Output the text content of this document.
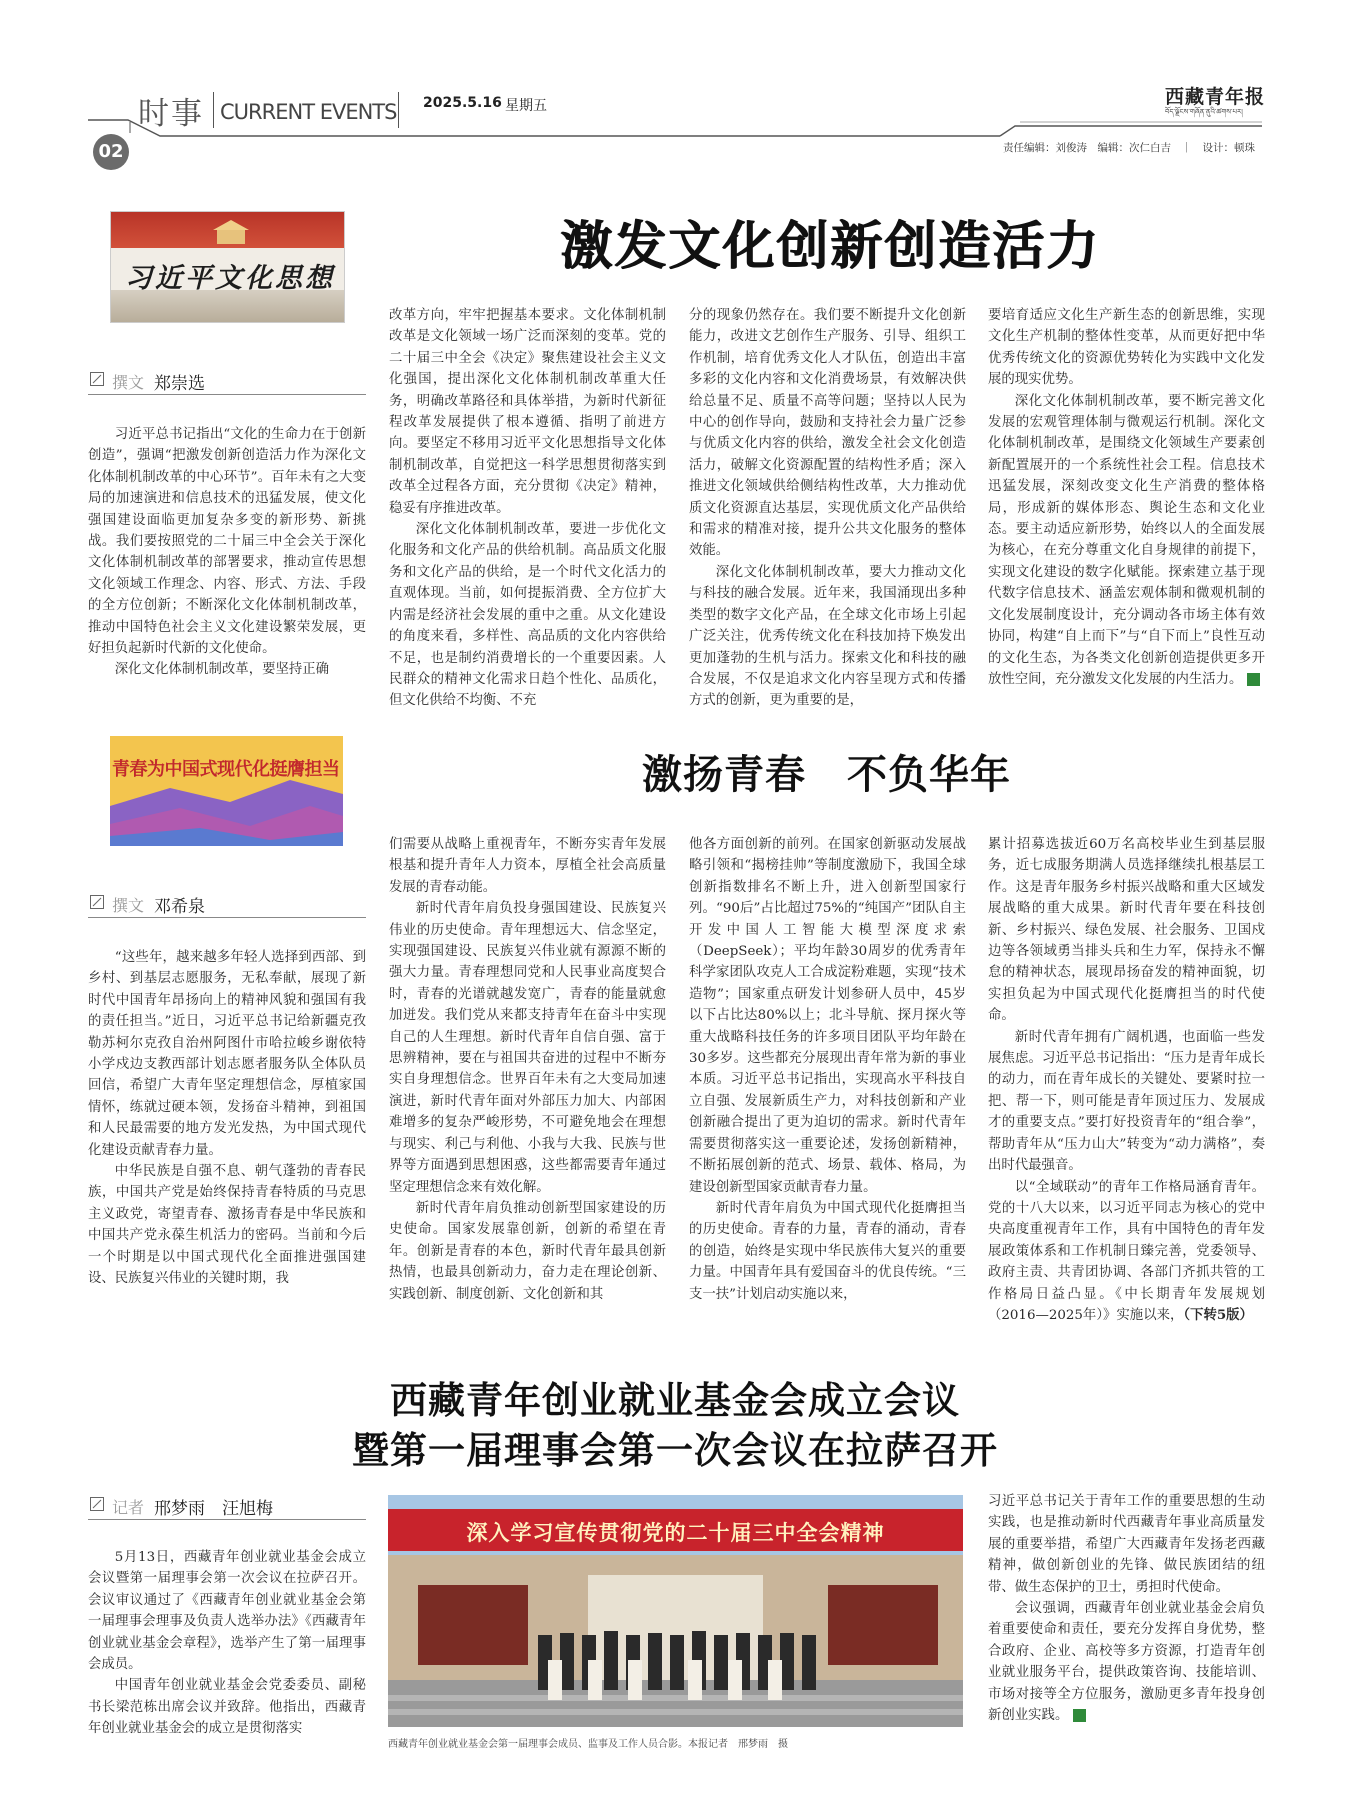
时事 CURRENT EVENTS 2025.5.16 星期五
02
西藏青年报
བོད་ལྗོངས་གཞོན་ནུའི་ཚགས་པར།
责任编辑：刘俊涛　编辑：次仁白吉　｜　设计：顿珠
习近平文化思想
激发文化创新创造活力
撰文 郑崇选

习近平总书记指出“文化的生命力在于创新创造”，强调“把激发创新创造活力作为深化文化体制机制改革的中心环节”。百年未有之大变局的加速演进和信息技术的迅猛发展，使文化强国建设面临更加复杂多变的新形势、新挑战。我们要按照党的二十届三中全会关于深化文化体制机制改革的部署要求，推动宣传思想文化领域工作理念、内容、形式、方法、手段的全方位创新；不断深化文化体制机制改革，推动中国特色社会主义文化建设繁荣发展，更好担负起新时代新的文化使命。

深化文化体制机制改革，要坚持正确

改革方向，牢牢把握基本要求。文化体制机制改革是文化领域一场广泛而深刻的变革。党的二十届三中全会《决定》聚焦建设社会主义文化强国，提出深化文化体制机制改革重大任务，明确改革路径和具体举措，为新时代新征程改革发展提供了根本遵循、指明了前进方向。要坚定不移用习近平文化思想指导文化体制机制改革，自觉把这一科学思想贯彻落实到改革全过程各方面，充分贯彻《决定》精神，稳妥有序推进改革。

深化文化体制机制改革，要进一步优化文化服务和文化产品的供给机制。高品质文化服务和文化产品的供给，是一个时代文化活力的直观体现。当前，如何提振消费、全方位扩大内需是经济社会发展的重中之重。从文化建设的角度来看，多样性、高品质的文化内容供给不足，也是制约消费增长的一个重要因素。人民群众的精神文化需求日趋个性化、品质化，但文化供给不均衡、不充

分的现象仍然存在。我们要不断提升文化创新能力，改进文艺创作生产服务、引导、组织工作机制，培育优秀文化人才队伍，创造出丰富多彩的文化内容和文化消费场景，有效解决供给总量不足、质量不高等问题；坚持以人民为中心的创作导向，鼓励和支持社会力量广泛参与优质文化内容的供给，激发全社会文化创造活力，破解文化资源配置的结构性矛盾；深入推进文化领域供给侧结构性改革，大力推动优质文化资源直达基层，实现优质文化产品供给和需求的精准对接，提升公共文化服务的整体效能。

深化文化体制机制改革，要大力推动文化与科技的融合发展。近年来，我国涌现出多种类型的数字文化产品，在全球文化市场上引起广泛关注，优秀传统文化在科技加持下焕发出更加蓬勃的生机与活力。探索文化和科技的融合发展，不仅是追求文化内容呈现方式和传播方式的创新，更为重要的是，

要培育适应文化生产新生态的创新思维，实现文化生产机制的整体性变革，从而更好把中华优秀传统文化的资源优势转化为实践中文化发展的现实优势。

深化文化体制机制改革，要不断完善文化发展的宏观管理体制与微观运行机制。深化文化体制机制改革，是围绕文化领域生产要素创新配置展开的一个系统性社会工程。信息技术迅猛发展，深刻改变文化生产消费的整体格局，形成新的媒体形态、舆论生态和文化业态。要主动适应新形势，始终以人的全面发展为核心，在充分尊重文化自身规律的前提下，实现文化建设的数字化赋能。探索建立基于现代数字信息技术、涵盖宏观体制和微观机制的文化发展制度设计，充分调动各市场主体有效协同，构建“自上而下”与“自下而上”良性互动的文化生态，为各类文化创新创造提供更多开放性空间，充分激发文化发展的内生活力。	↑

青春为中国式现代化挺膺担当	激扬青春　不负华年
撰文 邓希泉

“这些年，越来越多年轻人选择到西部、到乡村、到基层志愿服务，无私奉献，展现了新时代中国青年昂扬向上的精神风貌和强国有我的责任担当。”近日，习近平总书记给新疆克孜勒苏柯尔克孜自治州阿图什市哈拉峻乡谢依特小学戍边支教西部计划志愿者服务队全体队员回信，希望广大青年坚定理想信念，厚植家国情怀，练就过硬本领，发扬奋斗精神，到祖国和人民最需要的地方发光发热，为中国式现代化建设贡献青春力量。

中华民族是自强不息、朝气蓬勃的青春民族，中国共产党是始终保持青春特质的马克思主义政党，寄望青春、激扬青春是中华民族和中国共产党永葆生机活力的密码。当前和今后一个时期是以中国式现代化全面推进强国建设、民族复兴伟业的关键时期，我

们需要从战略上重视青年，不断夯实青年发展根基和提升青年人力资本，厚植全社会高质量发展的青春动能。

新时代青年肩负投身强国建设、民族复兴伟业的历史使命。青年理想远大、信念坚定，实现强国建设、民族复兴伟业就有源源不断的强大力量。青春理想同党和人民事业高度契合时，青春的光谱就越发宽广，青春的能量就愈加迸发。我们党从来都支持青年在奋斗中实现自己的人生理想。新时代青年自信自强、富于思辨精神，要在与祖国共奋进的过程中不断夯实自身理想信念。世界百年未有之大变局加速演进，新时代青年面对外部压力加大、内部困难增多的复杂严峻形势，不可避免地会在理想与现实、利己与利他、小我与大我、民族与世界等方面遇到思想困惑，这些都需要青年通过坚定理想信念来有效化解。

新时代青年肩负推动创新型国家建设的历史使命。国家发展靠创新，创新的希望在青年。创新是青春的本色，新时代青年最具创新热情，也最具创新动力，奋力走在理论创新、实践创新、制度创新、文化创新和其

他各方面创新的前列。在国家创新驱动发展战略引领和“揭榜挂帅”等制度激励下，我国全球创新指数排名不断上升，进入创新型国家行列。“90后”占比超过75%的“纯国产”团队自主开发中国人工智能大模型深度求索（DeepSeek）；平均年龄30周岁的优秀青年科学家团队攻克人工合成淀粉难题，实现“技术造物”；国家重点研发计划参研人员中，45岁以下占比达80%以上；北斗导航、探月探火等重大战略科技任务的许多项目团队平均年龄在30多岁。这些都充分展现出青年常为新的事业本质。习近平总书记指出，实现高水平科技自立自强、发展新质生产力，对科技创新和产业创新融合提出了更为迫切的需求。新时代青年需要贯彻落实这一重要论述，发扬创新精神，不断拓展创新的范式、场景、载体、格局，为建设创新型国家贡献青春力量。

新时代青年肩负为中国式现代化挺膺担当的历史使命。青春的力量，青春的涌动，青春的创造，始终是实现中华民族伟大复兴的重要力量。中国青年具有爱国奋斗的优良传统。“三支一扶”计划启动实施以来，

累计招募选拔近60万名高校毕业生到基层服务，近七成服务期满人员选择继续扎根基层工作。这是青年服务乡村振兴战略和重大区域发展战略的重大成果。新时代青年要在科技创新、乡村振兴、绿色发展、社会服务、卫国戍边等各领域勇当排头兵和生力军，保持永不懈怠的精神状态，展现昂扬奋发的精神面貌，切实担负起为中国式现代化挺膺担当的时代使命。

新时代青年拥有广阔机遇，也面临一些发展焦虑。习近平总书记指出：“压力是青年成长的动力，而在青年成长的关键处、要紧时拉一把、帮一下，则可能是青年顶过压力、发展成才的重要支点。”要打好投资青年的“组合拳”，帮助青年从“压力山大”转变为“动力满格”，奏出时代最强音。

以“全域联动”的青年工作格局涵育青年。党的十八大以来，以习近平同志为核心的党中央高度重视青年工作，具有中国特色的青年发展政策体系和工作机制日臻完善，党委领导、政府主责、共青团协调、各部门齐抓共管的工作格局日益凸显。《中长期青年发展规划（2016—2025年）》实施以来，（下转5版）

西藏青年创业就业基金会成立会议
暨第一届理事会第一次会议在拉萨召开
记者 邢梦雨　汪旭梅

5月13日，西藏青年创业就业基金会成立会议暨第一届理事会第一次会议在拉萨召开。会议审议通过了《西藏青年创业就业基金会第一届理事会理事及负责人选举办法》《西藏青年创业就业基金会章程》，选举产生了第一届理事会成员。

中国青年创业就业基金会党委委员、副秘书长梁范栋出席会议并致辞。他指出，西藏青年创业就业基金会的成立是贯彻落实

深入学习宣传贯彻党的二十届三中全会精神
西藏青年创业就业基金会第一届理事会成员、监事及工作人员合影。本报记者　邢梦雨　摄

习近平总书记关于青年工作的重要思想的生动实践，也是推动新时代西藏青年事业高质量发展的重要举措，希望广大西藏青年发扬老西藏精神，做创新创业的先锋、做民族团结的纽带、做生态保护的卫士，勇担时代使命。

会议强调，西藏青年创业就业基金会肩负着重要使命和责任，要充分发挥自身优势，整合政府、企业、高校等多方资源，打造青年创业就业服务平台，提供政策咨询、技能培训、市场对接等全方位服务，激励更多青年投身创新创业实践。	↑
